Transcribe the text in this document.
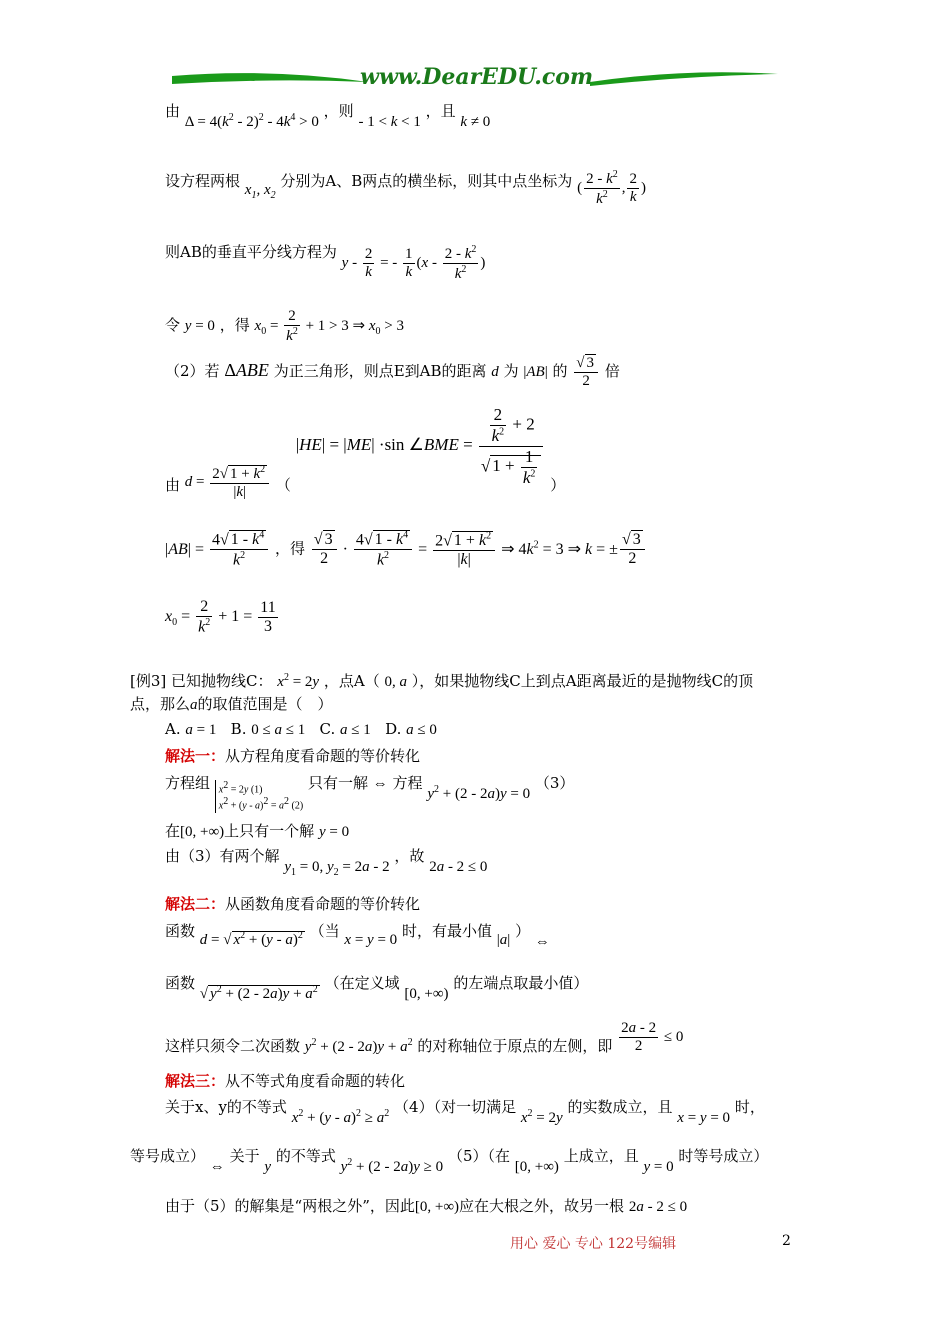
www.DearEDU.com
由 $\Delta = 4(k^2 - 2)^2 - 4k^4 > 0$ ，则 - 1 < k < 1 ，且 k ≠ 0
设方程两根 $x_1$, $x_2$ 分别为A、B两点的横坐标，则其中点坐标为 ( $\frac{2 - k^2}{k^2}$ , $\frac{2}{k}$ )
则AB的垂直平分线方程为 y - $\frac{2}{k}$ = - $\frac{1}{k} (x - \frac{2 - k^2}{k^2}$ )
令 y = 0 ，得 $x_0 = \frac{2}{k^2} + 1 > 3$ ⇒ $x_0 > 3$
（2）若 ΔABE 为正三角形，则点E到AB的距离 d 为 |AB| 的 $\frac{√ 3}{2}$ 倍
由 $d = \frac{2√ 1 + k^2}{|k|}$ （ |HE| = |ME| ·sin ∠BME = $\frac{\frac{2}{k^2} + 2}{√ 1 + \frac{1}{k^2}}$ ）
$|AB| = \frac{4√ 1 - k^4}{k^2}$ ，得 $\frac{√ 3}{2} \cdot \frac{4√ 1 - k^4}{k^2} = \frac{2√ 1 + k^2}{|k|}$ ⇒ $4k^2 = 3$ ⇒ k = ± $\frac{√ 3}{2}$
$x_0 = \frac{2}{k^2} + 1 = \frac{11}{3}$
[例3] 已知抛物线C： $x^2 = 2y$ ，点A（ 0, a ），如果抛物线C上到点A距离最近的是抛物线C的顶
点，那么a的取值范围是（　）
A. a = 1 B. 0 ≤ a ≤ 1 C. a ≤ 1 D. a ≤ 0
解法一：从方程角度看命题的等价转化
方程组 x2 = 2y (1)
x2 + (y - a)2 = a2 (2) 只有一解 ⇔ 方程 $y^2 + (2 - 2a)y = 0$ （3）
在[0, +∞)上只有一个解 y = 0
由（3）有两个解 $y_1 = 0$, $y_2 = 2a - 2$ ，故 2a - 2 ≤ 0
解法二：从函数角度看命题的等价转化
函数 d = √ $x^2 + (y - a)^2$ （当 x = y = 0 时，有最小值 |a| ） ⇔
函数 √ $y^2 + (2 - 2a)y + a^2$ （在定义域 [0, +∞) 的左端点取最小值）
这样只须令二次函数 $y^2 + (2 - 2a)y + a^2$ 的对称轴位于原点的左侧，即 $\frac{2a - 2}{2} \le 0$
解法三：从不等式角度看命题的转化
关于x、y的不等式 $x^2 + (y - a)^2 \ge a^2$ （4）（对一切满足 $x^2 = 2y$ 的实数成立，且 x = y = 0 时，
等号成立） ⇔ 关于 y 的不等式 $y^2 + (2 - 2a)y \ge 0$ （5）（在 [0, +∞) 上成立，且 y = 0 时等号成立）
由于（5）的解集是“两根之外”，因此[0, +∞)应在大根之外，故另一根 2a - 2 ≤ 0
用心 爱心 专心 122号编辑	2
